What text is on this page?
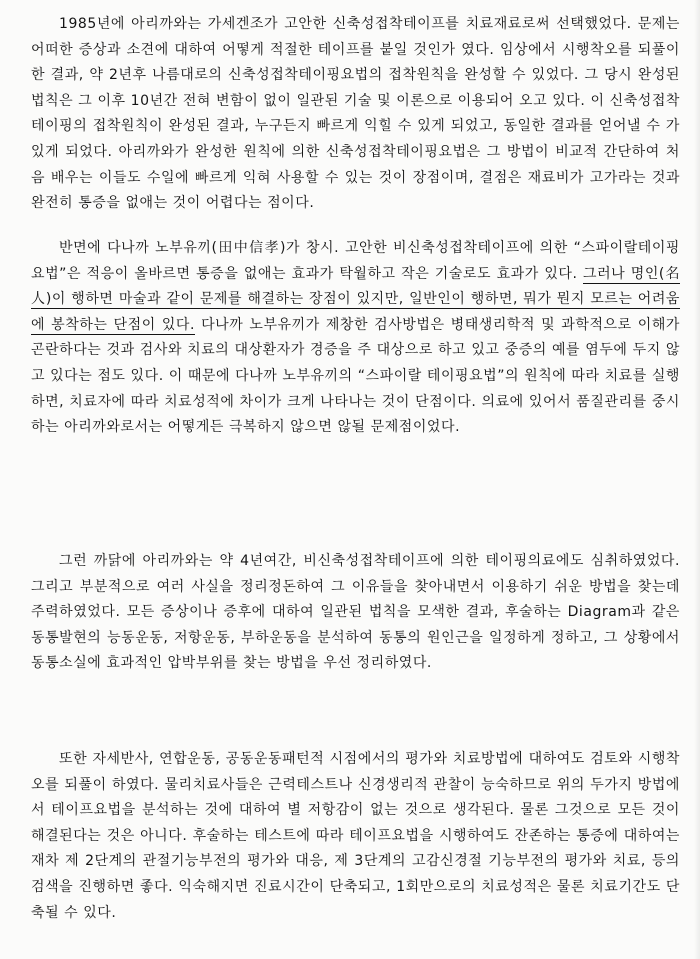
1985년에 아리까와는 가세겐조가 고안한 신축성접착테이프를 치료재료로써 선택했었다. 문제는 어떠한 증상과 소견에 대하여 어떻게 적절한 테이프를 붙일 것인가 였다. 임상에서 시행착오를 되풀이 한 결과, 약 2년후 나름대로의 신축성접착테이핑요법의 접착원칙을 완성할 수 있었다. 그 당시 완성된 법칙은 그 이후 10년간 전혀 변함이 없이 일관된 기술 및 이론으로 이용되어 오고 있다. 이 신축성접착테이핑의 접착원칙이 완성된 결과, 누구든지 빠르게 익힐 수 있게 되었고, 동일한 결과를 얻어낼 수 가 있게 되었다. 아리까와가 완성한 원칙에 의한 신축성접착테이핑요법은 그 방법이 비교적 간단하여 처음 배우는 이들도 수일에 빠르게 익혀 사용할 수 있는 것이 장점이며, 결점은 재료비가 고가라는 것과 완전히 통증을 없애는 것이 어렵다는 점이다.

반면에 다나까 노부유끼(田中信孝)가 창시. 고안한 비신축성접착테이프에 의한 “스파이랄테이핑요법”은 적응이 올바르면 통증을 없애는 효과가 탁월하고 작은 기술로도 효과가 있다. 그러나 명인(名人)이 행하면 마술과 같이 문제를 해결하는 장점이 있지만, 일반인이 행하면, 뭐가 뭔지 모르는 어려움에 봉착하는 단점이 있다. 다나까 노부유끼가 제창한 검사방법은 병태생리학적 및 과학적으로 이해가 곤란하다는 것과 검사와 치료의 대상환자가 경증을 주 대상으로 하고 있고 중증의 예를 염두에 두지 않고 있다는 점도 있다. 이 때문에 다나까 노부유끼의 “스파이랄 테이핑요법”의 원칙에 따라 치료를 실행하면, 치료자에 따라 치료성적에 차이가 크게 나타나는 것이 단점이다. 의료에 있어서 품질관리를 중시하는 아리까와로서는 어떻게든 극복하지 않으면 않될 문제점이었다.

그런 까닭에 아리까와는 약 4년여간, 비신축성접착테이프에 의한 테이핑의료에도 심취하였었다. 그리고 부분적으로 여러 사실을 정리정돈하여 그 이유들을 찾아내면서 이용하기 쉬운 방법을 찾는데 주력하였었다. 모든 증상이나 증후에 대하여 일관된 법칙을 모색한 결과, 후술하는 Diagram과 같은 동통발현의 능동운동, 저항운동, 부하운동을 분석하여 동통의 원인근을 일정하게 정하고, 그 상황에서 동통소실에 효과적인 압박부위를 찾는 방법을 우선 정리하였다.

또한 자세반사, 연합운동, 공동운동패턴적 시점에서의 평가와 치료방법에 대하여도 검토와 시행착오를 되풀이 하였다. 물리치료사들은 근력테스트나 신경생리적 관찰이 능숙하므로 위의 두가지 방법에서 테이프요법을 분석하는 것에 대하여 별 저항감이 없는 것으로 생각된다. 물론 그것으로 모든 것이 해결된다는 것은 아니다. 후술하는 테스트에 따라 테이프요법을 시행하여도 잔존하는 통증에 대하여는 재차 제 2단계의 관절기능부전의 평가와 대응, 제 3단계의 고감신경절 기능부전의 평가와 치료, 등의 검색을 진행하면 좋다. 익숙해지면 진료시간이 단축되고, 1회만으로의 치료성적은 물론 치료기간도 단축될 수 있다.
